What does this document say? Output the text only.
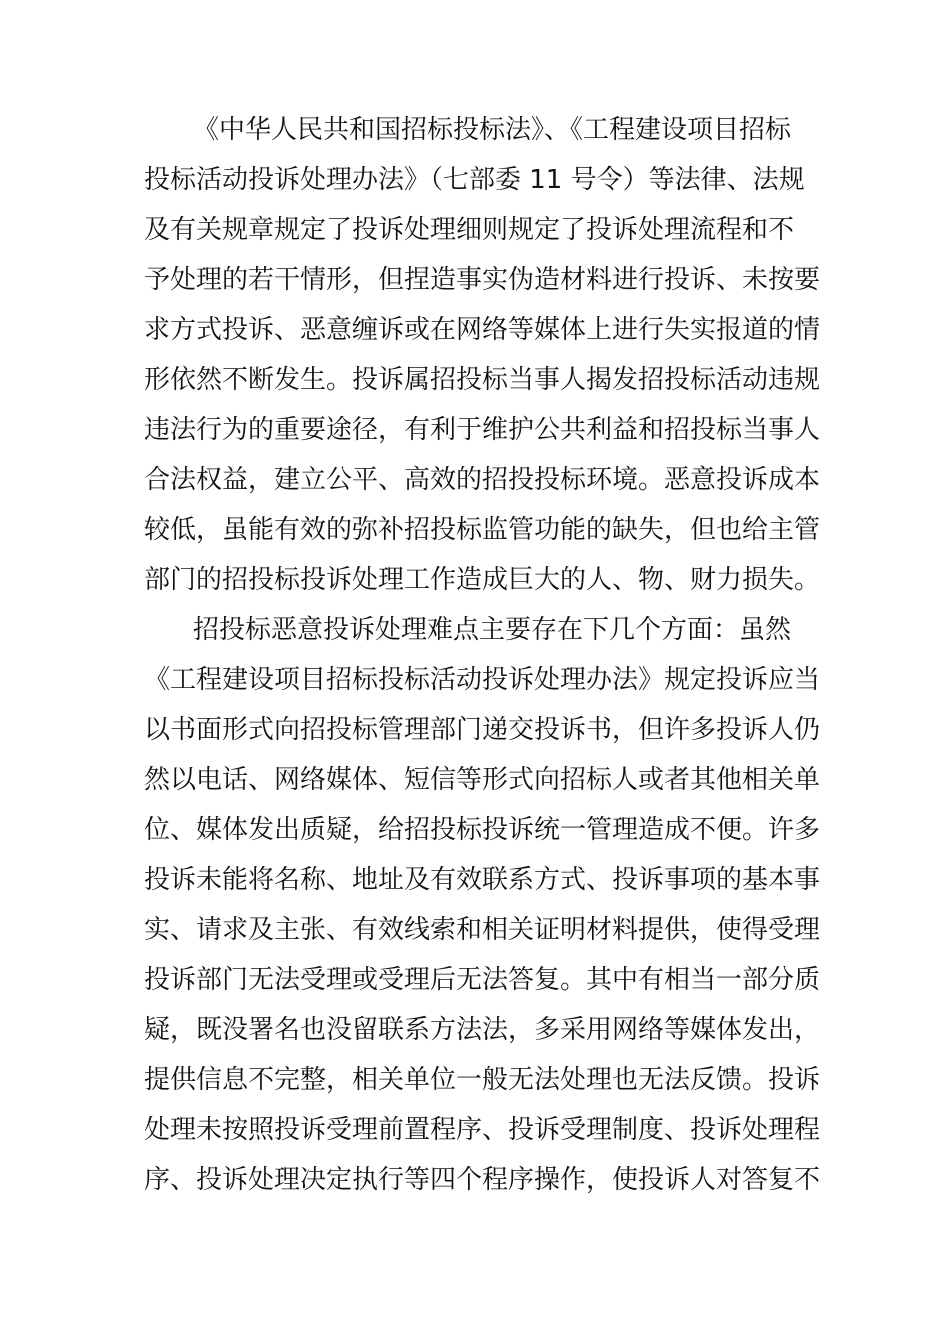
《中华人民共和国招标投标法》、《工程建设项目招标
投标活动投诉处理办法》（七部委 11 号令）等法律、法规
及有关规章规定了投诉处理细则规定了投诉处理流程和不
予处理的若干情形，但捏造事实伪造材料进行投诉、未按要
求方式投诉、恶意缠诉或在网络等媒体上进行失实报道的情
形依然不断发生。投诉属招投标当事人揭发招投标活动违规
违法行为的重要途径，有利于维护公共利益和招投标当事人
合法权益，建立公平、高效的招投投标环境。恶意投诉成本
较低，虽能有效的弥补招投标监管功能的缺失，但也给主管
部门的招投标投诉处理工作造成巨大的人、物、财力损失。
招投标恶意投诉处理难点主要存在下几个方面：虽然
《工程建设项目招标投标活动投诉处理办法》规定投诉应当
以书面形式向招投标管理部门递交投诉书，但许多投诉人仍
然以电话、网络媒体、短信等形式向招标人或者其他相关单
位、媒体发出质疑，给招投标投诉统一管理造成不便。许多
投诉未能将名称、地址及有效联系方式、投诉事项的基本事
实、请求及主张、有效线索和相关证明材料提供，使得受理
投诉部门无法受理或受理后无法答复。其中有相当一部分质
疑，既没署名也没留联系方法法，多采用网络等媒体发出，
提供信息不完整，相关单位一般无法处理也无法反馈。投诉
处理未按照投诉受理前置程序、投诉受理制度、投诉处理程
序、投诉处理决定执行等四个程序操作，使投诉人对答复不
